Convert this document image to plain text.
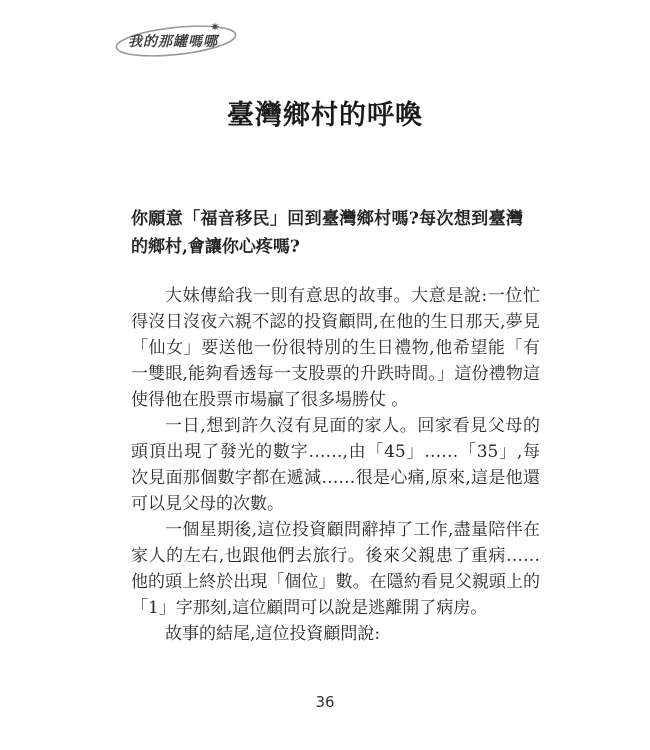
✷
我的那罐嗎哪
臺灣鄉村的呼喚
你願意「福音移民」回到臺灣鄉村嗎?每次想到臺灣的鄉村,會讓你心疼嗎?

大妹傳給我一則有意思的故事。大意是說:一位忙得沒日沒夜六親不認的投資顧問,在他的生日那天,夢見「仙女」要送他一份很特別的生日禮物,他希望能「有一雙眼,能夠看透每一支股票的升跌時間。」這份禮物這使得他在股票市場贏了很多場勝仗 。

一日,想到許久沒有見面的家人。回家看見父母的頭頂出現了發光的數字……,由「45」……「35」,每次見面那個數字都在遞減……很是心痛,原來,這是他還可以見父母的次數。

一個星期後,這位投資顧問辭掉了工作,盡量陪伴在家人的左右,也跟他們去旅行。後來父親患了重病……他的頭上終於出現「個位」數。在隱約看見父親頭上的「1」字那刻,這位顧問可以說是逃離開了病房。

故事的結尾,這位投資顧問說:

36
